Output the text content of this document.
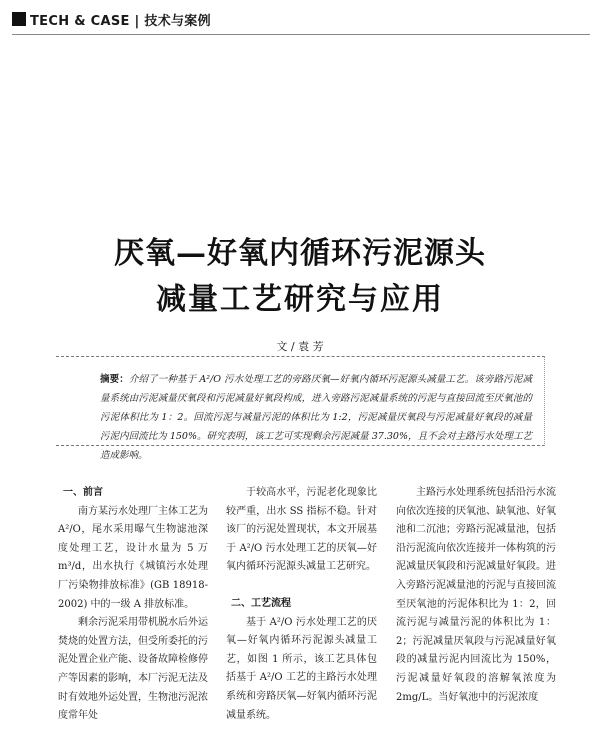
TECH & CASE | 技术与案例
厌氧—好氧内循环污泥源头
减量工艺研究与应用
文 / 袁 芳
摘要：介绍了一种基于 A²/O 污水处理工艺的旁路厌氧—好氧内循环污泥源头减量工艺。该旁路污泥减量系统由污泥减量厌氧段和污泥减量好氧段构成，进入旁路污泥减量系统的污泥与直接回流至厌氧池的污泥体积比为 1：2。回流污泥与减量污泥的体积比为 1:2，污泥减量厌氧段与污泥减量好氧段的减量污泥内回流比为 150%。研究表明，该工艺可实现剩余污泥减量 37.30%，且不会对主路污水处理工艺造成影响。

一、前言

南方某污水处理厂主体工艺为 A²/O，尾水采用曝气生物滤池深度处理工艺，设计水量为 5 万 m³/d，出水执行《城镇污水处理厂污染物排放标准》(GB 18918-2002) 中的一级 A 排放标准。

剩余污泥采用带机脱水后外运焚烧的处置方法，但受所委托的污泥处置企业产能、设备故障检修停产等因素的影响，本厂污泥无法及时有效地外运处置，生物池污泥浓度常年处

于较高水平，污泥老化现象比较严重，出水 SS 指标不稳。针对该厂的污泥处置现状，本文开展基于 A²/O 污水处理工艺的厌氧—好氧内循环污泥源头减量工艺研究。

二、工艺流程

基于 A²/O 污水处理工艺的厌氧—好氧内循环污泥源头减量工艺，如图 1 所示，该工艺具体包括基于 A²/O 工艺的主路污水处理系统和旁路厌氧—好氧内循环污泥减量系统。

主路污水处理系统包括沿污水流向依次连接的厌氧池、缺氧池、好氧池和二沉池；旁路污泥减量池，包括沿污泥流向依次连接并一体构筑的污泥减量厌氧段和污泥减量好氧段。进入旁路污泥减量池的污泥与直接回流至厌氧池的污泥体积比为 1：2，回流污泥与减量污泥的体积比为 1：2；污泥减量厌氧段与污泥减量好氧段的减量污泥内回流比为 150%，污泥减量好氧段的溶解氧浓度为 2mg/L。当好氧池中的污泥浓度
